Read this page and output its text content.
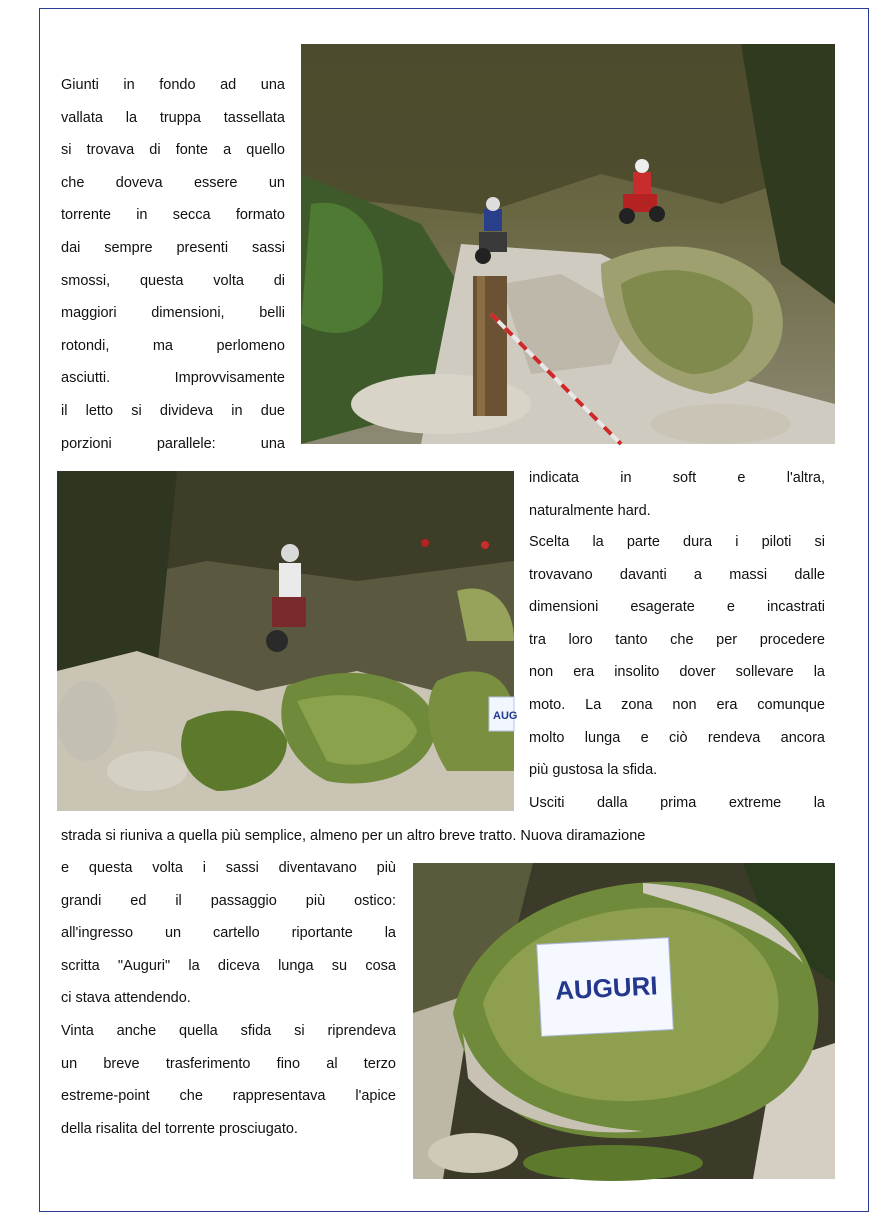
Giunti in fondo ad una
vallata la truppa tassellata
si trovava di fonte a quello
che doveva essere un
torrente in secca formato
dai sempre presenti sassi
smossi, questa volta di
maggiori dimensioni, belli
rotondi, ma perlomeno
asciutti. Improvvisamente
il letto si divideva in due
porzioni parallele: una
AUG
indicata in soft e l'altra,
naturalmente hard.
Scelta la parte dura i piloti si
trovavano davanti a massi dalle
dimensioni esagerate e incastrati
tra loro tanto che per procedere
non era insolito dover sollevare la
moto. La zona non era comunque
molto lunga e ciò rendeva ancora
più gustosa la sfida.
Usciti dalla prima extreme la
strada si riuniva a quella più semplice, almeno per un altro breve tratto. Nuova diramazione
e questa volta i sassi diventavano più
grandi ed il passaggio più ostico:
all'ingresso un cartello riportante la
scritta "Auguri" la diceva lunga su cosa
ci stava attendendo.
Vinta anche quella sfida si riprendeva
un breve trasferimento fino al terzo
estreme-point che rappresentava l'apice
della risalita del torrente prosciugato.
AUGURI
